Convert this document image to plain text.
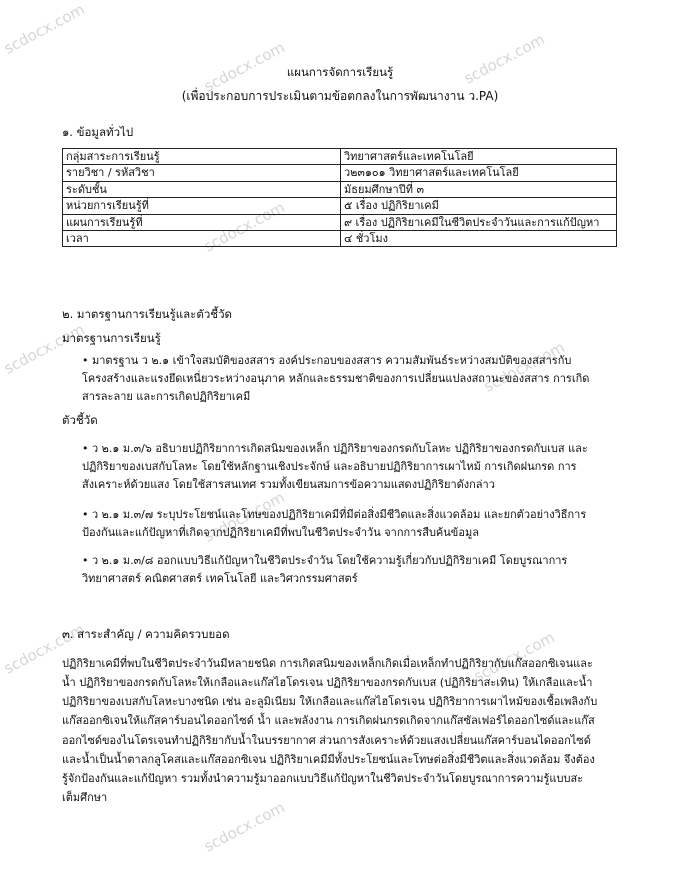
scdocx.com
scdocx.com	scdocx.com
scdocx.com
scdocx.com	scdocx.com
scdocx.com
scdocx.com	scdocx.com
scdocx.com
แผนการจัดการเรียนรู้
(เพื่อประกอบการประเมินตามข้อตกลงในการพัฒนางาน ว.PA)
๑. ข้อมูลทั่วไป
กลุ่มสาระการเรียนรู้	วิทยาศาสตร์และเทคโนโลยี
รายวิชา / รหัสวิชา	ว๒๓๑๐๑ วิทยาศาสตร์และเทคโนโลยี
ระดับชั้น	มัธยมศึกษาปีที่ ๓
หน่วยการเรียนรู้ที่	๕ เรื่อง ปฏิกิริยาเคมี
แผนการเรียนรู้ที่	๙ เรื่อง ปฏิกิริยาเคมีในชีวิตประจำวันและการแก้ปัญหา
เวลา	๔ ชั่วโมง
๒. มาตรฐานการเรียนรู้และตัวชี้วัด
มาตรฐานการเรียนรู้
• มาตรฐาน ว ๒.๑ เข้าใจสมบัติของสสาร องค์ประกอบของสสาร ความสัมพันธ์ระหว่างสมบัติของสสารกับ
โครงสร้างและแรงยึดเหนี่ยวระหว่างอนุภาค หลักและธรรมชาติของการเปลี่ยนแปลงสถานะของสสาร การเกิด
สารละลาย และการเกิดปฏิกิริยาเคมี
ตัวชี้วัด
• ว ๒.๑ ม.๓/๖ อธิบายปฏิกิริยาการเกิดสนิมของเหล็ก ปฏิกิริยาของกรดกับโลหะ ปฏิกิริยาของกรดกับเบส และ
ปฏิกิริยาของเบสกับโลหะ โดยใช้หลักฐานเชิงประจักษ์ และอธิบายปฏิกิริยาการเผาไหม้ การเกิดฝนกรด การ
สังเคราะห์ด้วยแสง โดยใช้สารสนเทศ รวมทั้งเขียนสมการข้อความแสดงปฏิกิริยาดังกล่าว
• ว ๒.๑ ม.๓/๗ ระบุประโยชน์และโทษของปฏิกิริยาเคมีที่มีต่อสิ่งมีชีวิตและสิ่งแวดล้อม และยกตัวอย่างวิธีการ
ป้องกันและแก้ปัญหาที่เกิดจากปฏิกิริยาเคมีที่พบในชีวิตประจำวัน จากการสืบค้นข้อมูล
• ว ๒.๑ ม.๓/๘ ออกแบบวิธีแก้ปัญหาในชีวิตประจำวัน โดยใช้ความรู้เกี่ยวกับปฏิกิริยาเคมี โดยบูรณาการ
วิทยาศาสตร์ คณิตศาสตร์ เทคโนโลยี และวิศวกรรมศาสตร์
๓. สาระสำคัญ / ความคิดรวบยอด
ปฏิกิริยาเคมีที่พบในชีวิตประจำวันมีหลายชนิด การเกิดสนิมของเหล็กเกิดเมื่อเหล็กทำปฏิกิริยากับแก๊สออกซิเจนและ
น้ำ ปฏิกิริยาของกรดกับโลหะให้เกลือและแก๊สไฮโดรเจน ปฏิกิริยาของกรดกับเบส (ปฏิกิริยาสะเทิน) ให้เกลือและน้ำ
ปฏิกิริยาของเบสกับโลหะบางชนิด เช่น อะลูมิเนียม ให้เกลือและแก๊สไฮโดรเจน ปฏิกิริยาการเผาไหม้ของเชื้อเพลิงกับ
แก๊สออกซิเจนให้แก๊สคาร์บอนไดออกไซด์ น้ำ และพลังงาน การเกิดฝนกรดเกิดจากแก๊สซัลเฟอร์ไดออกไซด์และแก๊ส
ออกไซด์ของไนโตรเจนทำปฏิกิริยากับน้ำในบรรยากาศ ส่วนการสังเคราะห์ด้วยแสงเปลี่ยนแก๊สคาร์บอนไดออกไซด์
และน้ำเป็นน้ำตาลกลูโคสและแก๊สออกซิเจน ปฏิกิริยาเคมีมีทั้งประโยชน์และโทษต่อสิ่งมีชีวิตและสิ่งแวดล้อม จึงต้อง
รู้จักป้องกันและแก้ปัญหา รวมทั้งนำความรู้มาออกแบบวิธีแก้ปัญหาในชีวิตประจำวันโดยบูรณาการความรู้แบบสะ
เต็มศึกษา
